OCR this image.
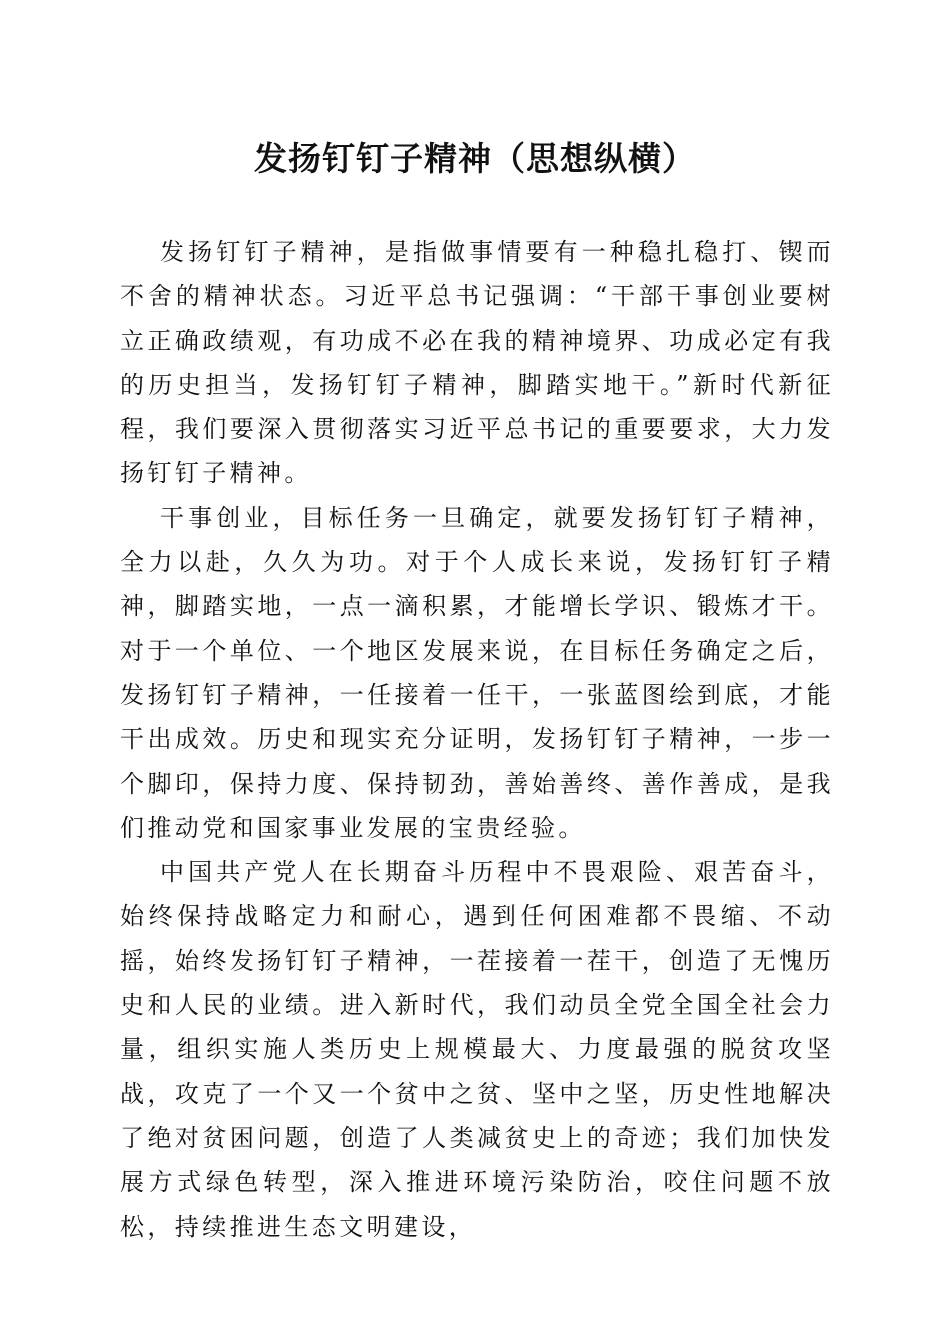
发扬钉钉子精神（思想纵横）

发扬钉钉子精神，是指做事情要有一种稳扎稳打、锲而不舍的精神状态。习近平总书记强调：“干部干事创业要树立正确政绩观，有功成不必在我的精神境界、功成必定有我的历史担当，发扬钉钉子精神，脚踏实地干。”新时代新征程，我们要深入贯彻落实习近平总书记的重要要求，大力发扬钉钉子精神。

干事创业，目标任务一旦确定，就要发扬钉钉子精神，全力以赴，久久为功。对于个人成长来说，发扬钉钉子精神，脚踏实地，一点一滴积累，才能增长学识、锻炼才干。对于一个单位、一个地区发展来说，在目标任务确定之后，发扬钉钉子精神，一任接着一任干，一张蓝图绘到底，才能干出成效。历史和现实充分证明，发扬钉钉子精神，一步一个脚印，保持力度、保持韧劲，善始善终、善作善成，是我们推动党和国家事业发展的宝贵经验。

中国共产党人在长期奋斗历程中不畏艰险、艰苦奋斗，始终保持战略定力和耐心，遇到任何困难都不畏缩、不动摇，始终发扬钉钉子精神，一茬接着一茬干，创造了无愧历史和人民的业绩。进入新时代，我们动员全党全国全社会力量，组织实施人类历史上规模最大、力度最强的脱贫攻坚战，攻克了一个又一个贫中之贫、坚中之坚，历史性地解决了绝对贫困问题，创造了人类减贫史上的奇迹；我们加快发展方式绿色转型，深入推进环境污染防治，咬住问题不放松，持续推进生态文明建设，
